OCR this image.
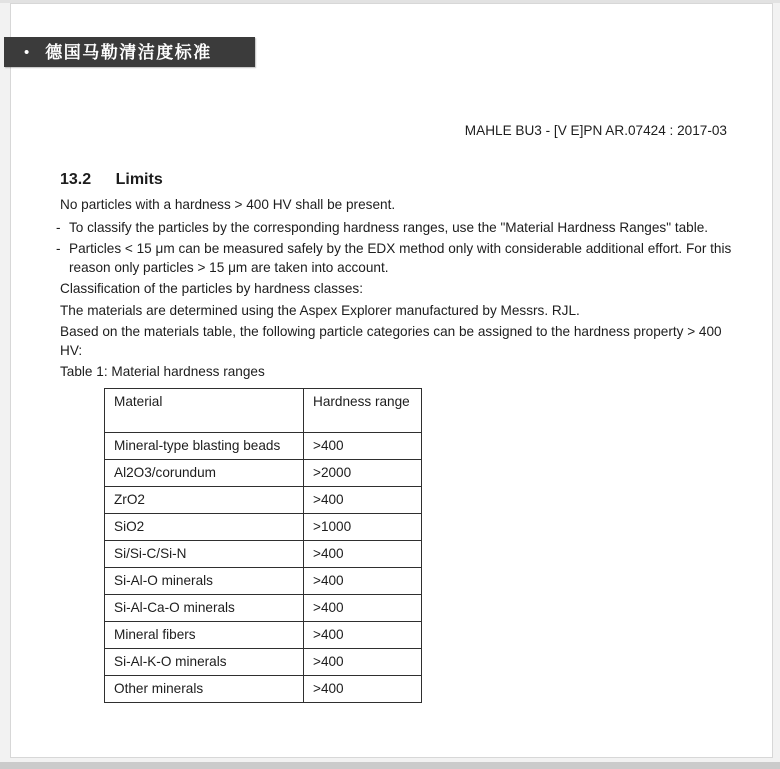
• 德国马勒清洁度标准
MAHLE BU3 - [V E]PN AR.07424 : 2017-03
13.2 Limits

No particles with a hardness > 400 HV shall be present.

- To classify the particles by the corresponding hardness ranges, use the "Material Hardness Ranges" table.
- Particles < 15 μm can be measured safely by the EDX method only with considerable additional effort. For this reason only particles > 15 μm are taken into account.

Classification of the particles by hardness classes:

The materials are determined using the Aspex Explorer manufactured by Messrs. RJL.

Based on the materials table, the following particle categories can be assigned to the hardness property > 400 HV:

Table 1: Material hardness ranges

Material	Hardness range
Mineral-type blasting beads	>400
Al2O3/corundum	>2000
ZrO2	>400
SiO2	>1000
Si/Si-C/Si-N	>400
Si-Al-O minerals	>400
Si-Al-Ca-O minerals	>400
Mineral fibers	>400
Si-Al-K-O minerals	>400
Other minerals	>400
